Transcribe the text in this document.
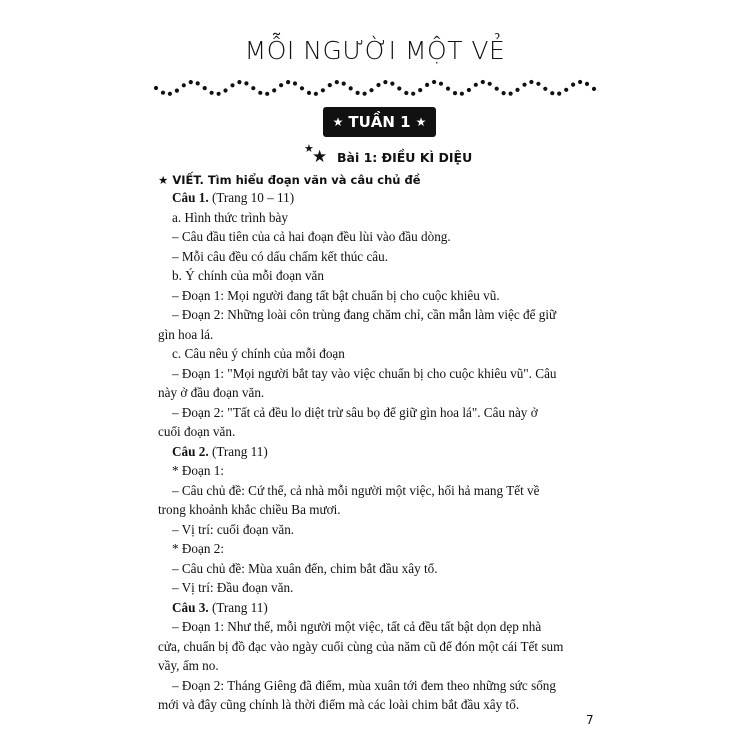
MỖI NGƯỜI MỘT VẺ
★ TUẦN 1 ★
★
★ Bài 1: ĐIỀU KÌ DIỆU
★ VIẾT. Tìm hiểu đoạn văn và câu chủ đề
Câu 1. (Trang 10 – 11)
a. Hình thức trình bày
– Câu đầu tiên của cả hai đoạn đều lùi vào đầu dòng.
– Mỗi câu đều có dấu chấm kết thúc câu.
b. Ý chính của mỗi đoạn văn
– Đoạn 1: Mọi người đang tất bật chuẩn bị cho cuộc khiêu vũ.
– Đoạn 2: Những loài côn trùng đang chăm chỉ, cần mẫn làm việc để giữ
gìn hoa lá.
c. Câu nêu ý chính của mỗi đoạn
– Đoạn 1: "Mọi người bắt tay vào việc chuẩn bị cho cuộc khiêu vũ". Câu
này ở đầu đoạn văn.
– Đoạn 2: "Tất cả đều lo diệt trừ sâu bọ để giữ gìn hoa lá". Câu này ở
cuối đoạn văn.
Câu 2. (Trang 11)
* Đoạn 1:
– Câu chủ đề: Cứ thế, cả nhà mỗi người một việc, hối hả mang Tết về
trong khoảnh khắc chiều Ba mươi.
– Vị trí: cuối đoạn văn.
* Đoạn 2:
– Câu chủ đề: Mùa xuân đến, chim bắt đầu xây tổ.
– Vị trí: Đầu đoạn văn.
Câu 3. (Trang 11)
– Đoạn 1: Như thế, mỗi người một việc, tất cả đều tất bật dọn dẹp nhà
cửa, chuẩn bị đồ đạc vào ngày cuối cùng của năm cũ để đón một cái Tết sum
vầy, ấm no.
– Đoạn 2: Tháng Giêng đã điểm, mùa xuân tới đem theo những sức sống
mới và đây cũng chính là thời điểm mà các loài chim bắt đầu xây tổ.
7
